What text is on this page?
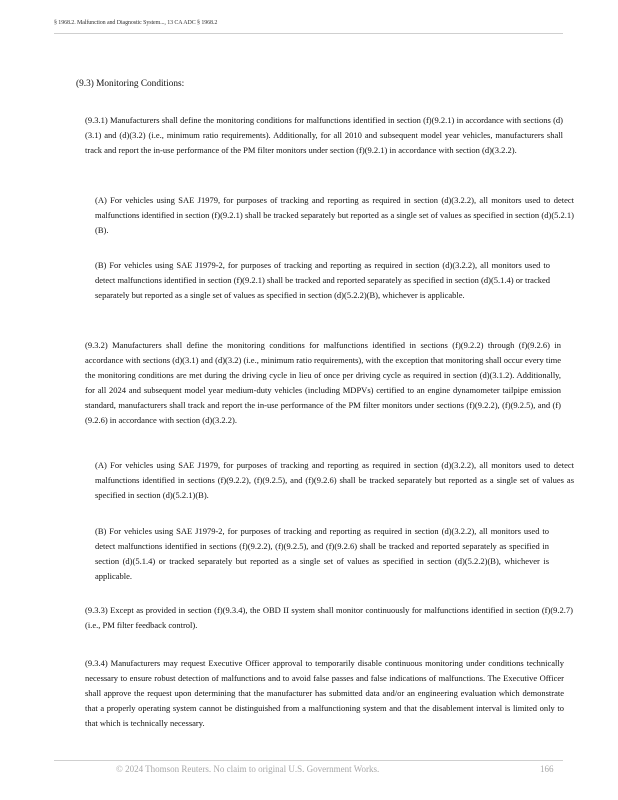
§ 1968.2. Malfunction and Diagnostic System..., 13 CA ADC § 1968.2
(9.3) Monitoring Conditions:

(9.3.1) Manufacturers shall define the monitoring conditions for malfunctions identified in section (f)(9.2.1) in accordance with sections (d)(3.1) and (d)(3.2) (i.e., minimum ratio requirements). Additionally, for all 2010 and subsequent model year vehicles, manufacturers shall track and report the in-use performance of the PM filter monitors under section (f)(9.2.1) in accordance with section (d)(3.2.2).

(A) For vehicles using SAE J1979, for purposes of tracking and reporting as required in section (d)(3.2.2), all monitors used to detect malfunctions identified in section (f)(9.2.1) shall be tracked separately but reported as a single set of values as specified in section (d)(5.2.1)(B).

(B) For vehicles using SAE J1979-2, for purposes of tracking and reporting as required in section (d)(3.2.2), all monitors used to detect malfunctions identified in section (f)(9.2.1) shall be tracked and reported separately as specified in section (d)(5.1.4) or tracked separately but reported as a single set of values as specified in section (d)(5.2.2)(B), whichever is applicable.

(9.3.2) Manufacturers shall define the monitoring conditions for malfunctions identified in sections (f)(9.2.2) through (f)(9.2.6) in accordance with sections (d)(3.1) and (d)(3.2) (i.e., minimum ratio requirements), with the exception that monitoring shall occur every time the monitoring conditions are met during the driving cycle in lieu of once per driving cycle as required in section (d)(3.1.2). Additionally, for all 2024 and subsequent model year medium-duty vehicles (including MDPVs) certified to an engine dynamometer tailpipe emission standard, manufacturers shall track and report the in-use performance of the PM filter monitors under sections (f)(9.2.2), (f)(9.2.5), and (f)(9.2.6) in accordance with section (d)(3.2.2).

(A) For vehicles using SAE J1979, for purposes of tracking and reporting as required in section (d)(3.2.2), all monitors used to detect malfunctions identified in sections (f)(9.2.2), (f)(9.2.5), and (f)(9.2.6) shall be tracked separately but reported as a single set of values as specified in section (d)(5.2.1)(B).

(B) For vehicles using SAE J1979-2, for purposes of tracking and reporting as required in section (d)(3.2.2), all monitors used to detect malfunctions identified in sections (f)(9.2.2), (f)(9.2.5), and (f)(9.2.6) shall be tracked and reported separately as specified in section (d)(5.1.4) or tracked separately but reported as a single set of values as specified in section (d)(5.2.2)(B), whichever is applicable.

(9.3.3) Except as provided in section (f)(9.3.4), the OBD II system shall monitor continuously for malfunctions identified in section (f)(9.2.7) (i.e., PM filter feedback control).

(9.3.4) Manufacturers may request Executive Officer approval to temporarily disable continuous monitoring under conditions technically necessary to ensure robust detection of malfunctions and to avoid false passes and false indications of malfunctions. The Executive Officer shall approve the request upon determining that the manufacturer has submitted data and/or an engineering evaluation which demonstrate that a properly operating system cannot be distinguished from a malfunctioning system and that the disablement interval is limited only to that which is technically necessary.

© 2024 Thomson Reuters. No claim to original U.S. Government Works.	166
